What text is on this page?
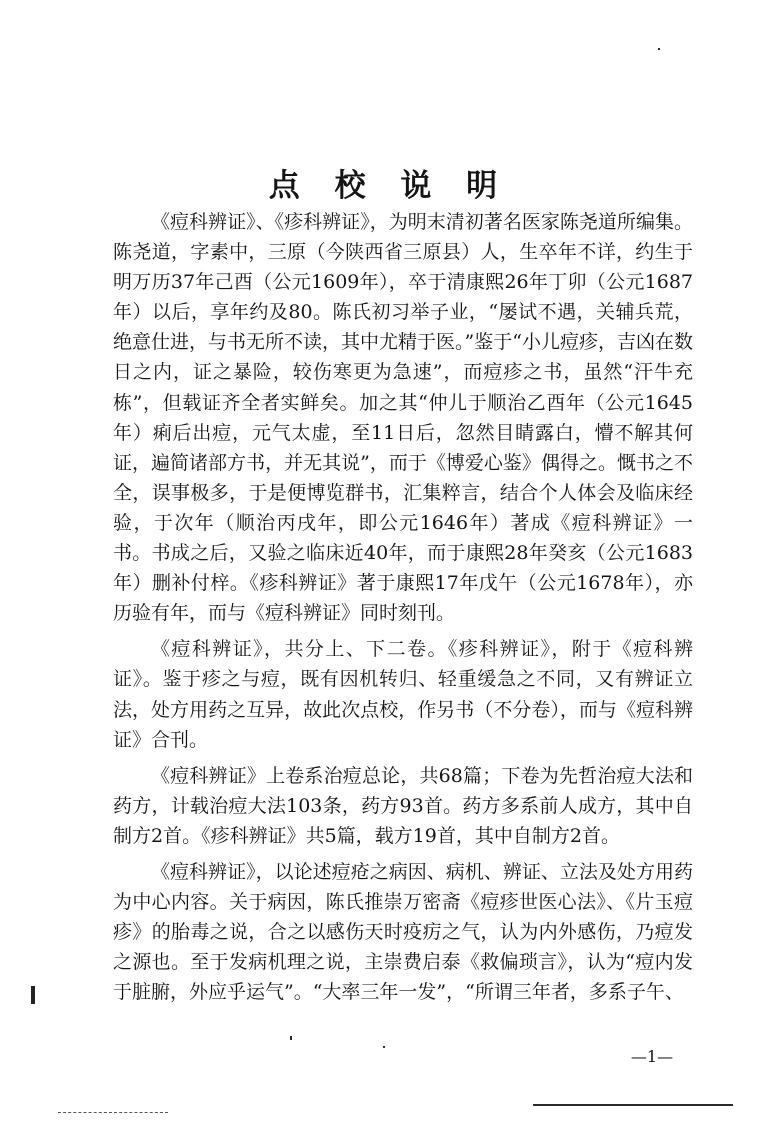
点 校 说 明

《痘科辨证》、《疹科辨证》，为明末清初著名医家陈尧道所编集。陈尧道，字素中，三原（今陕西省三原县）人，生卒年不详，约生于明万历37年己酉（公元1609年），卒于清康熙26年丁卯（公元1687年）以后，享年约及80。陈氏初习举子业，“屡试不遇，关辅兵荒，绝意仕进，与书无所不读，其中尤精于医。”鉴于“小儿痘疹，吉凶在数日之内，证之暴险，较伤寒更为急速”，而痘疹之书，虽然“汗牛充栋”，但载证齐全者实鲜矣。加之其“仲儿于顺治乙酉年（公元1645年）痢后出痘，元气太虚，至11日后，忽然目睛露白，懵不解其何证，遍简诸部方书，并无其说”，而于《博爱心鉴》偶得之。慨书之不全，误事极多，于是便博览群书，汇集粹言，结合个人体会及临床经验，于次年（顺治丙戌年，即公元1646年）著成《痘科辨证》一书。书成之后，又验之临床近40年，而于康熙28年癸亥（公元1683年）删补付梓。《疹科辨证》著于康熙17年戊午（公元1678年），亦历验有年，而与《痘科辨证》同时刻刊。

《痘科辨证》，共分上、下二卷。《疹科辨证》，附于《痘科辨证》。鉴于疹之与痘，既有因机转归、轻重缓急之不同，又有辨证立法，处方用药之互异，故此次点校，作另书（不分卷），而与《痘科辨证》合刊。

《痘科辨证》上卷系治痘总论，共68篇；下卷为先哲治痘大法和药方，计载治痘大法103条，药方93首。药方多系前人成方，其中自制方2首。《疹科辨证》共5篇，载方19首，其中自制方2首。

《痘科辨证》，以论述痘疮之病因、病机、辨证、立法及处方用药为中心内容。关于病因，陈氏推崇万密斋《痘疹世医心法》、《片玉痘疹》的胎毒之说，合之以感伤天时疫疠之气，认为内外感伤，乃痘发之源也。至于发病机理之说，主崇费启泰《救偏琐言》，认为“痘内发于脏腑，外应乎运气”。“大率三年一发”，“所谓三年者，多系子午、

—1—
